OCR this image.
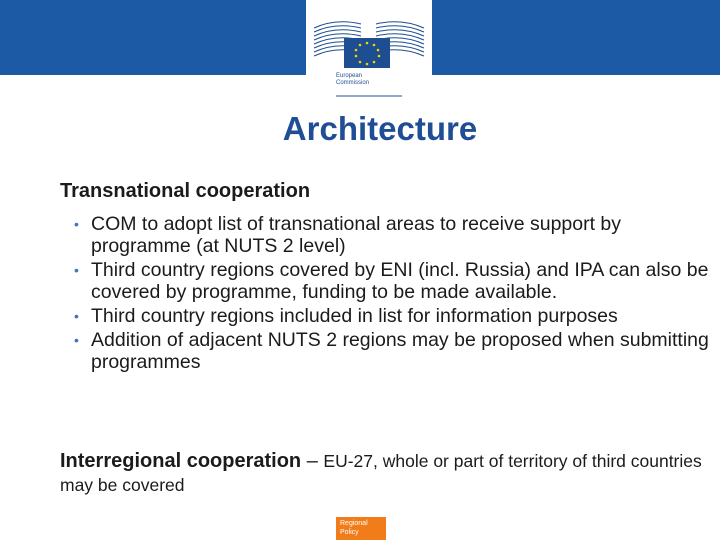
European
Commission
Architecture
Transnational cooperation
• COM to adopt list of transnational areas to receive support by programme (at NUTS 2 level)
• Third country regions covered by ENI (incl. Russia) and IPA can also be covered by programme, funding to be made available.
• Third country regions included in list for information purposes
• Addition of adjacent NUTS 2 regions may be proposed when submitting programmes

Interregional cooperation – EU-27, whole or part of territory of third countries may be covered

Regional
Policy
